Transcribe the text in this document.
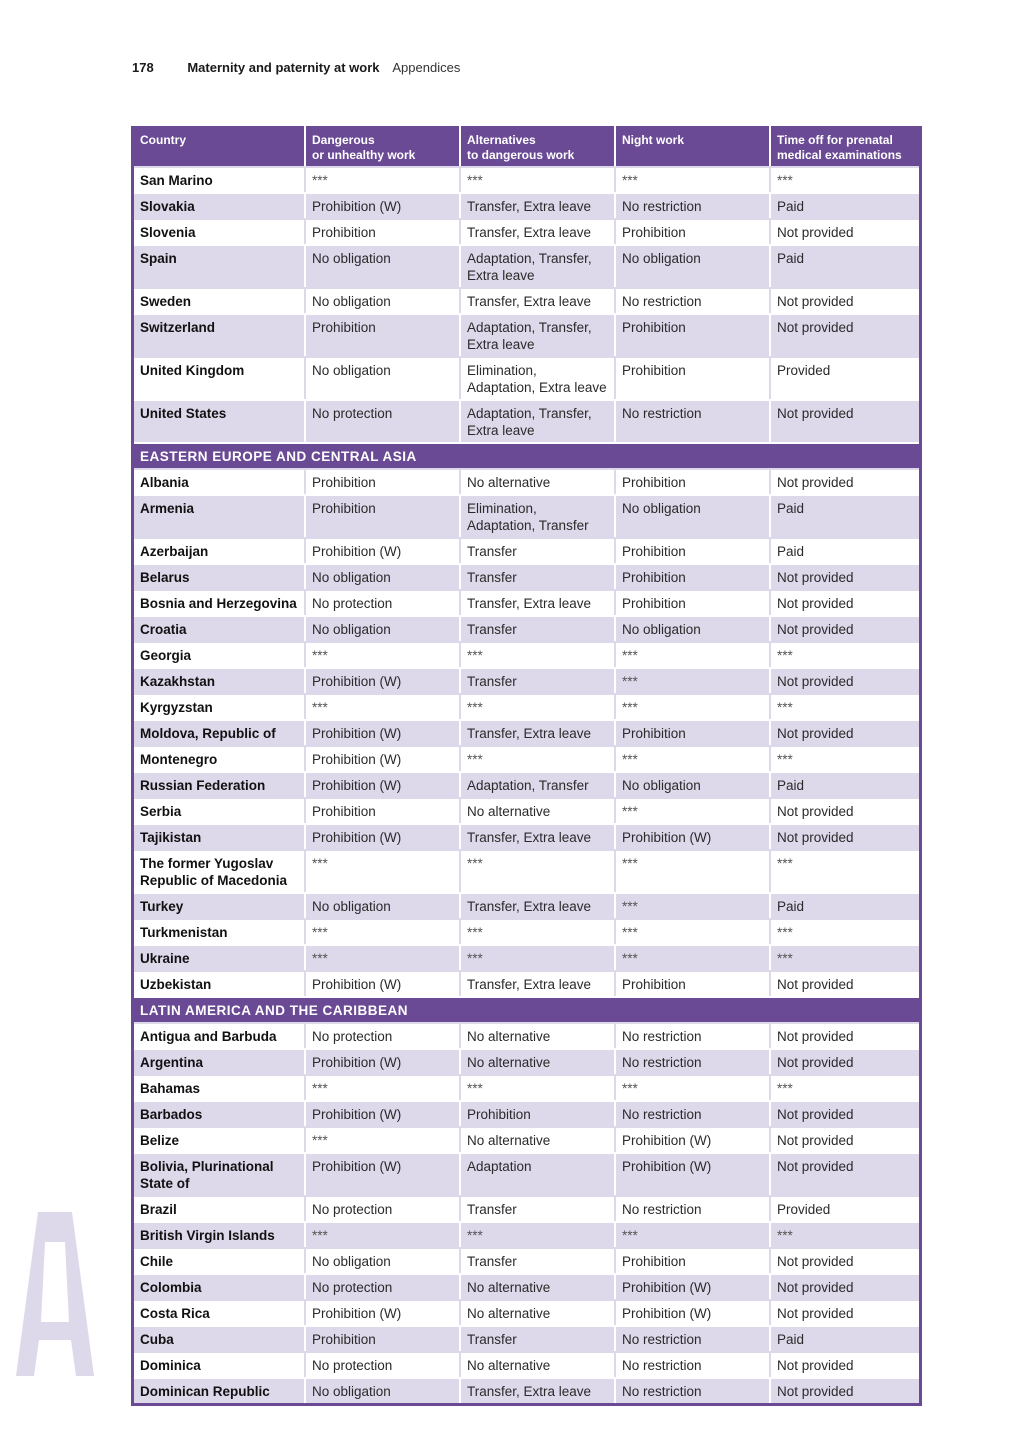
178	Maternity and paternity at work Appendices
Country	Dangerous
or unhealthy work	Alternatives
to dangerous work	Night work	Time off for prenatal
medical examinations
San Marino	***	***	***	***
Slovakia	Prohibition (W)	Transfer, Extra leave	No restriction	Paid
Slovenia	Prohibition	Transfer, Extra leave	Prohibition	Not provided
Spain	No obligation	Adaptation, Transfer,
Extra leave	No obligation	Paid
Sweden	No obligation	Transfer, Extra leave	No restriction	Not provided
Switzerland	Prohibition	Adaptation, Transfer,
Extra leave	Prohibition	Not provided
United Kingdom	No obligation	Elimination,
Adaptation, Extra leave	Prohibition	Provided
United States	No protection	Adaptation, Transfer,
Extra leave	No restriction	Not provided
EASTERN EUROPE AND CENTRAL ASIA				
Albania	Prohibition	No alternative	Prohibition	Not provided
Armenia	Prohibition	Elimination,
Adaptation, Transfer	No obligation	Paid
Azerbaijan	Prohibition (W)	Transfer	Prohibition	Paid
Belarus	No obligation	Transfer	Prohibition	Not provided
Bosnia and Herzegovina	No protection	Transfer, Extra leave	Prohibition	Not provided
Croatia	No obligation	Transfer	No obligation	Not provided
Georgia	***	***	***	***
Kazakhstan	Prohibition (W)	Transfer	***	Not provided
Kyrgyzstan	***	***	***	***
Moldova, Republic of	Prohibition (W)	Transfer, Extra leave	Prohibition	Not provided
Montenegro	Prohibition (W)	***	***	***
Russian Federation	Prohibition (W)	Adaptation, Transfer	No obligation	Paid
Serbia	Prohibition	No alternative	***	Not provided
Tajikistan	Prohibition (W)	Transfer, Extra leave	Prohibition (W)	Not provided
The former Yugoslav
Republic of Macedonia	***	***	***	***
Turkey	No obligation	Transfer, Extra leave	***	Paid
Turkmenistan	***	***	***	***
Ukraine	***	***	***	***
Uzbekistan	Prohibition (W)	Transfer, Extra leave	Prohibition	Not provided
LATIN AMERICA AND THE CARIBBEAN				
Antigua and Barbuda	No protection	No alternative	No restriction	Not provided
Argentina	Prohibition (W)	No alternative	No restriction	Not provided
Bahamas	***	***	***	***
Barbados	Prohibition (W)	Prohibition	No restriction	Not provided
Belize	***	No alternative	Prohibition (W)	Not provided
Bolivia, Plurinational
State of	Prohibition (W)	Adaptation	Prohibition (W)	Not provided
Brazil	No protection	Transfer	No restriction	Provided
British Virgin Islands	***	***	***	***
Chile	No obligation	Transfer	Prohibition	Not provided
Colombia	No protection	No alternative	Prohibition (W)	Not provided
Costa Rica	Prohibition (W)	No alternative	Prohibition (W)	Not provided
Cuba	Prohibition	Transfer	No restriction	Paid
Dominica	No protection	No alternative	No restriction	Not provided
Dominican Republic	No obligation	Transfer, Extra leave	No restriction	Not provided
